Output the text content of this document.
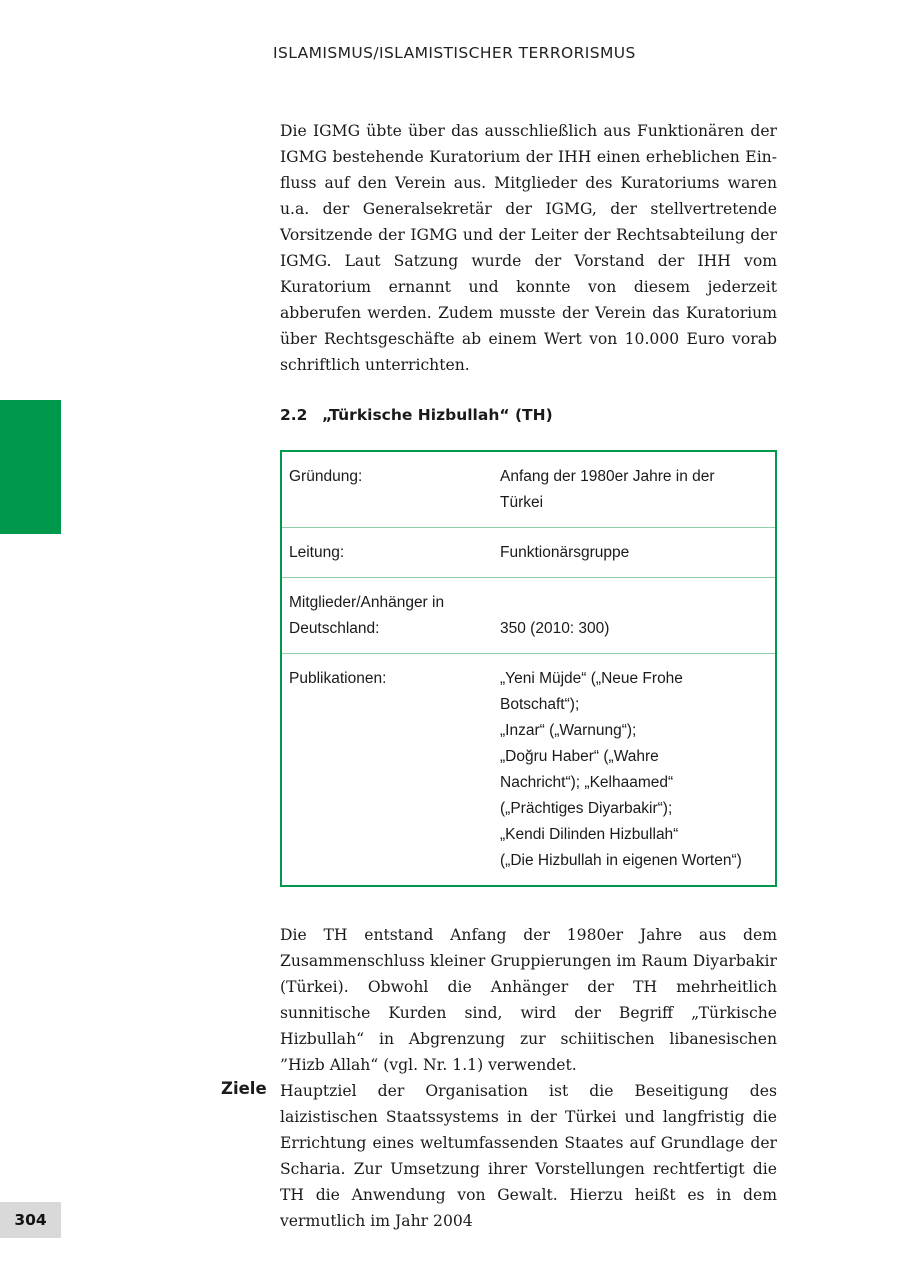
ISLAMISMUS/ISLAMISTISCHER TERRORISMUS

Die IGMG übte über das ausschließlich aus Funktionären der IGMG bestehende Kuratorium der IHH einen erheblichen Einfluss auf den Verein aus. Mitglieder des Kuratoriums waren u.a. der Generalsekretär der IGMG, der stellvertretende Vorsitzende der IGMG und der Leiter der Rechtsabteilung der IGMG. Laut Satzung wurde der Vorstand der IHH vom Kuratorium ernannt und konnte von diesem jederzeit abberufen werden. Zudem musste der Verein das Kuratorium über Rechtsgeschäfte ab einem Wert von 10.000 Euro vorab schriftlich unterrichten.

2.2 „Türkische Hizbullah“ (TH)
Gründung:	Anfang der 1980er Jahre in der
Türkei
Leitung:	Funktionärsgruppe
Mitglieder/Anhänger in Deutschland:	350 (2010: 300)
Publikationen:	„Yeni Müjde“ („Neue Frohe
Botschaft“);
„Inzar“ („Warnung“);
„Doğru Haber“ („Wahre
Nachricht“); „Kelhaamed“
(„Prächtiges Diyarbakir“);
„Kendi Dilinden Hizbullah“
(„Die Hizbullah in eigenen Worten“)

Die TH entstand Anfang der 1980er Jahre aus dem Zusammenschluss kleiner Gruppierungen im Raum Diyarbakir (Türkei). Obwohl die Anhänger der TH mehrheitlich sunnitische Kurden sind, wird der Begriff „Türkische Hizbullah“ in Abgrenzung zur schiitischen libanesischen ”Hizb Allah“ (vgl. Nr. 1.1) verwendet.

Ziele Hauptziel der Organisation ist die Beseitigung des laizistischen Staatssystems in der Türkei und langfristig die Errichtung eines weltumfassenden Staates auf Grundlage der Scharia. Zur Umsetzung ihrer Vorstellungen rechtfertigt die TH die Anwendung von Gewalt. Hierzu heißt es in dem vermutlich im Jahr 2004

304
